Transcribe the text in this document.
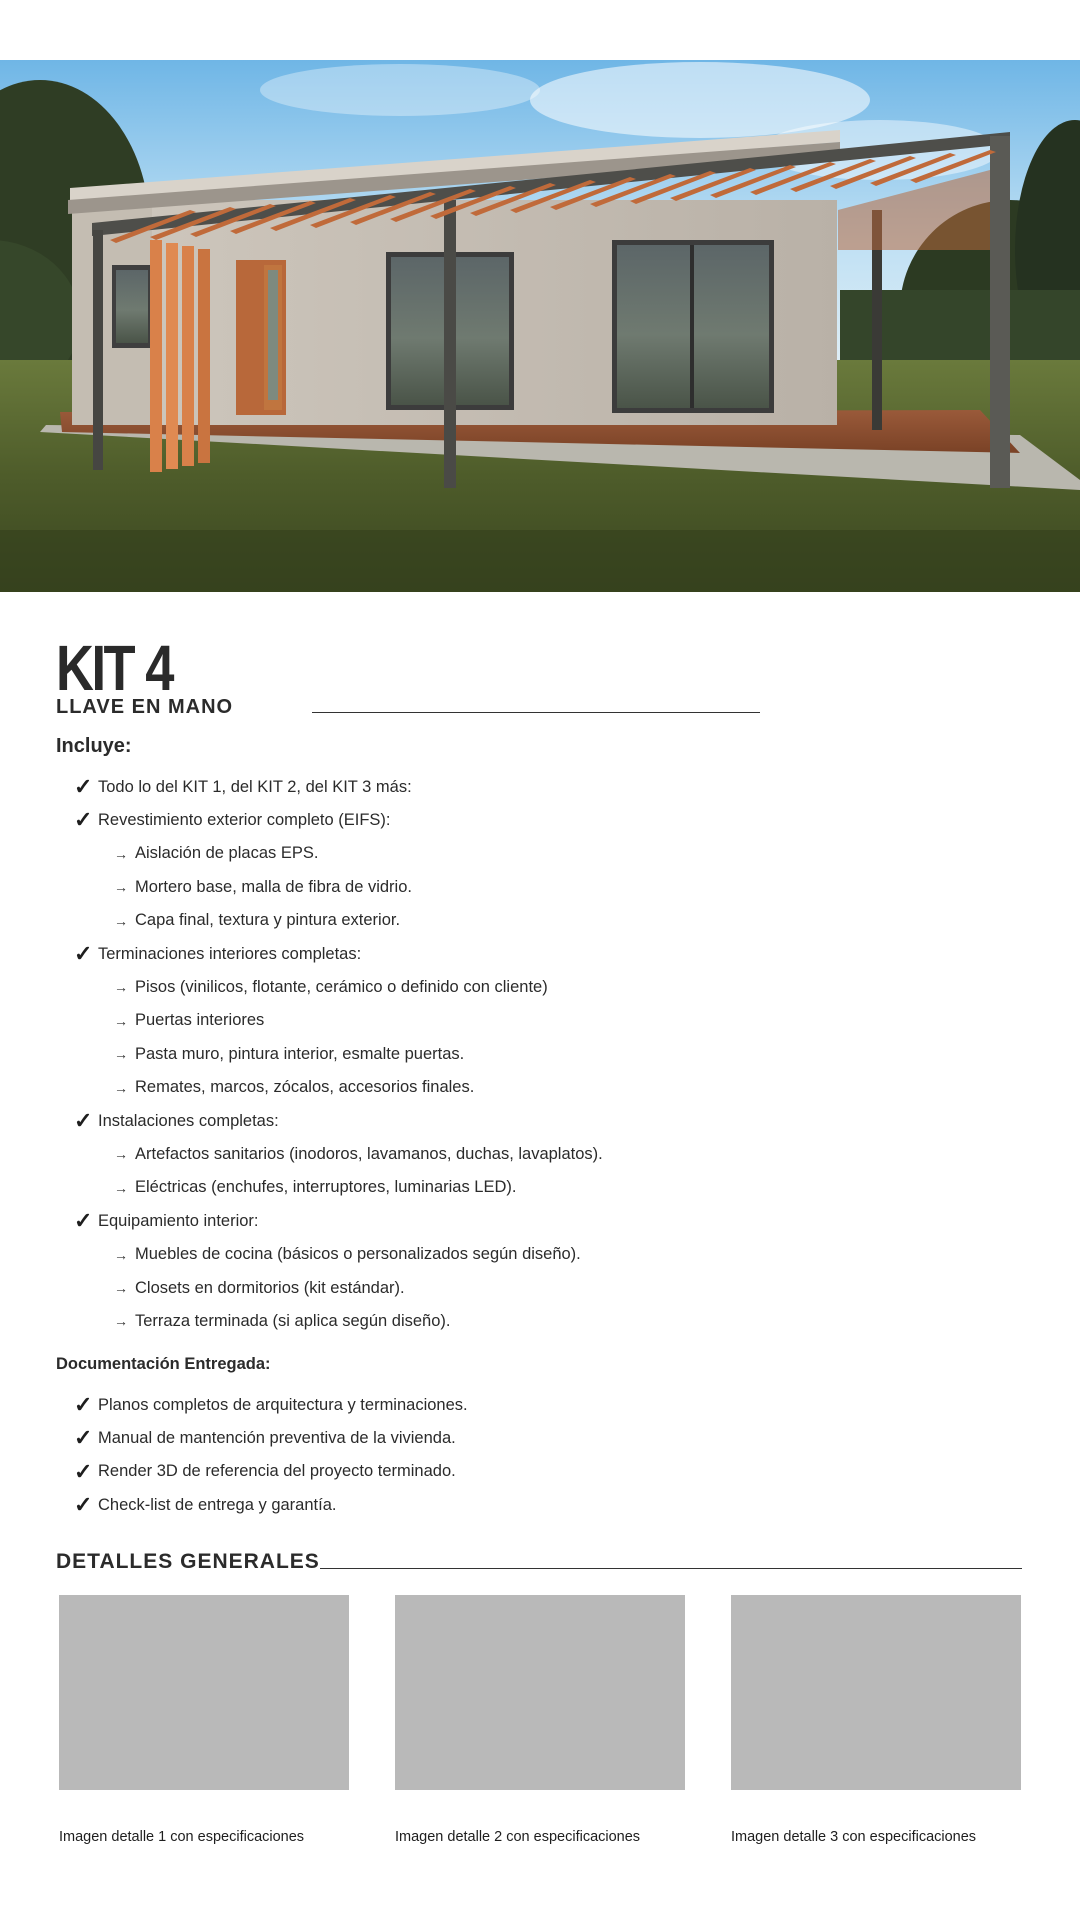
KIT 4
LLAVE EN MANO
Incluye:
✓ Todo lo del KIT 1, del KIT 2, del KIT 3 más:
✓ Revestimiento exterior completo (EIFS):
→ Aislación de placas EPS.
→ Mortero base, malla de fibra de vidrio.
→ Capa final, textura y pintura exterior.
✓ Terminaciones interiores completas:
→ Pisos (vinilicos, flotante, cerámico o definido con cliente)
→ Puertas interiores
→ Pasta muro, pintura interior, esmalte puertas.
→ Remates, marcos, zócalos, accesorios finales.
✓ Instalaciones completas:
→ Artefactos sanitarios (inodoros, lavamanos, duchas, lavaplatos).
→ Eléctricas (enchufes, interruptores, luminarias LED).
✓ Equipamiento interior:
→ Muebles de cocina (básicos o personalizados según diseño).
→ Closets en dormitorios (kit estándar).
→ Terraza terminada (si aplica según diseño).
Documentación Entregada:
✓ Planos completos de arquitectura y terminaciones.
✓ Manual de mantención preventiva de la vivienda.
✓ Render 3D de referencia del proyecto terminado.
✓ Check-list de entrega y garantía.
DETALLES GENERALES
Imagen detalle 1 con especificaciones	Imagen detalle 2 con especificaciones	Imagen detalle 3 con especificaciones
